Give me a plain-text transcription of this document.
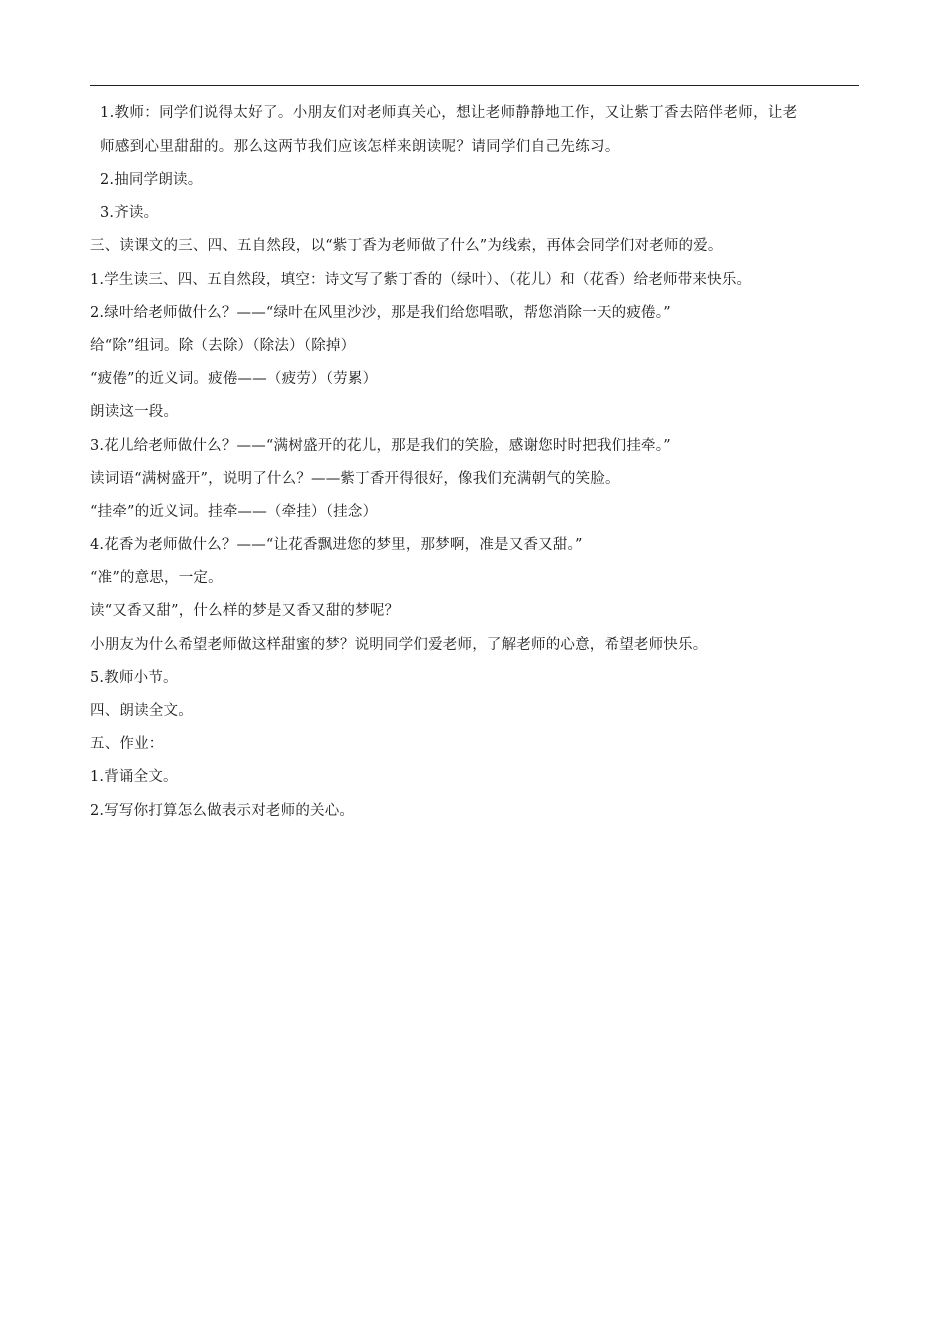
1.教师：同学们说得太好了。小朋友们对老师真关心，想让老师静静地工作，又让紫丁香去陪伴老师，让老
师感到心里甜甜的。那么这两节我们应该怎样来朗读呢？请同学们自己先练习。
2.抽同学朗读。
3.齐读。
三、读课文的三、四、五自然段，以“紫丁香为老师做了什么”为线索，再体会同学们对老师的爱。
1.学生读三、四、五自然段，填空：诗文写了紫丁香的（绿叶）、（花儿）和（花香）给老师带来快乐。
2.绿叶给老师做什么？——“绿叶在风里沙沙，那是我们给您唱歌，帮您消除一天的疲倦。”
给“除”组词。除（去除）（除法）（除掉）
“疲倦”的近义词。疲倦——（疲劳）（劳累）
朗读这一段。
3.花儿给老师做什么？——“满树盛开的花儿，那是我们的笑脸，感谢您时时把我们挂牵。”
读词语“满树盛开”，说明了什么？——紫丁香开得很好，像我们充满朝气的笑脸。
“挂牵”的近义词。挂牵——（牵挂）（挂念）
4.花香为老师做什么？——“让花香飘进您的梦里，那梦啊，准是又香又甜。”
“准”的意思，一定。
读“又香又甜”，什么样的梦是又香又甜的梦呢？
小朋友为什么希望老师做这样甜蜜的梦？说明同学们爱老师，了解老师的心意，希望老师快乐。
5.教师小节。
四、朗读全文。
五、作业：
1.背诵全文。
2.写写你打算怎么做表示对老师的关心。
